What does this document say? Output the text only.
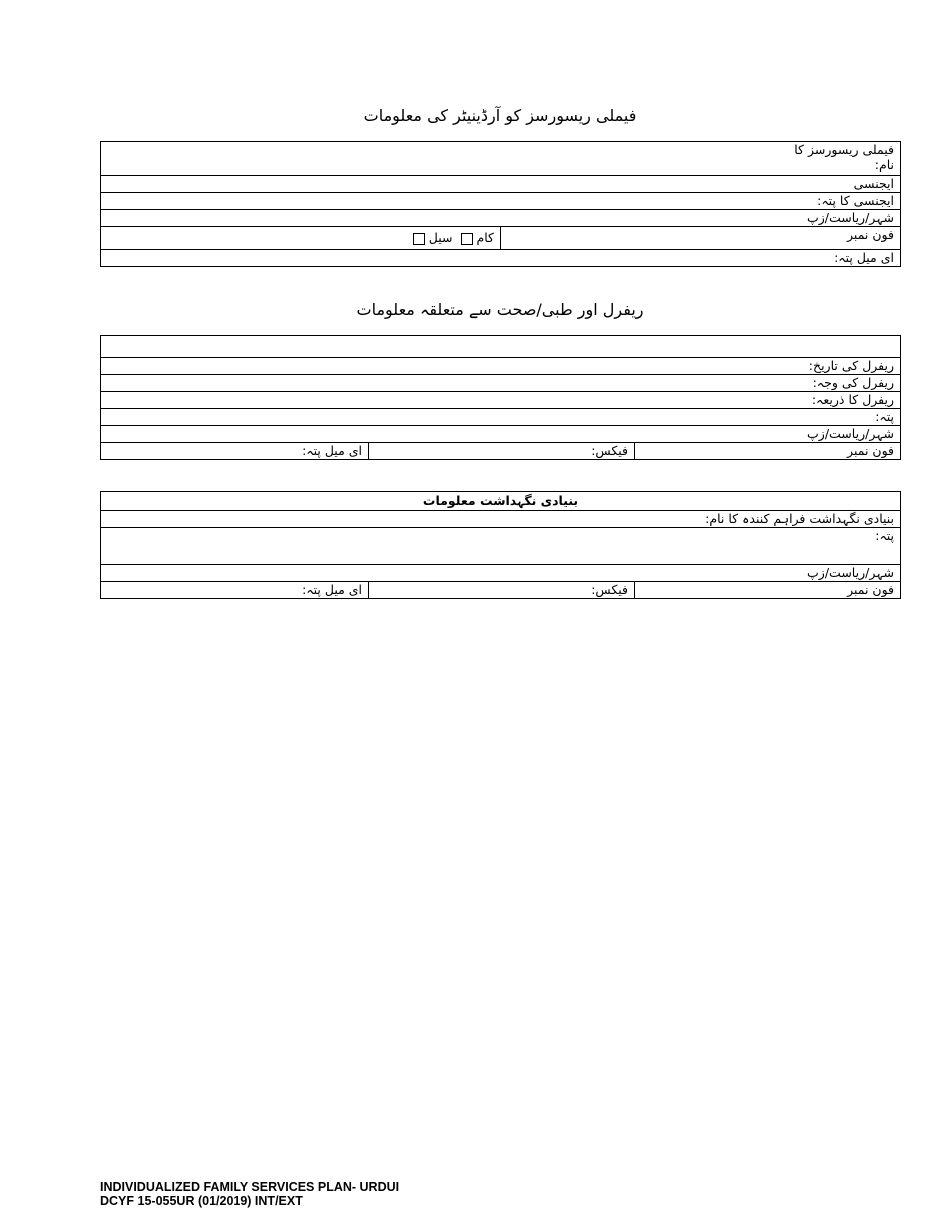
فیملی ریسورسز کو آرڈینیٹر کی معلومات
فیملی ریسورسز کا
نام:

ایجنسی
ایجنسی کا پتہ:
شہر/ریاست/زپ
فون نمبر	کام سیل
ای میل پتہ:
ریفرل اور طبی/صحت سے متعلقہ معلومات

ریفرل کی تاریخ:
ریفرل کی وجہ:
ریفرل کا ذریعہ:
پتہ:
شہر/ریاست/زپ
فون نمبر	فیکس:	ای میل پتہ:
بنیادی نگہداشت معلومات
بنیادی نگہداشت فراہم کنندہ کا نام:
پتہ:
شہر/ریاست/زپ
فون نمبر	فیکس:	ای میل پتہ:
INDIVIDUALIZED FAMILY SERVICES PLAN- URDUI
DCYF 15-055UR (01/2019) INT/EXT
